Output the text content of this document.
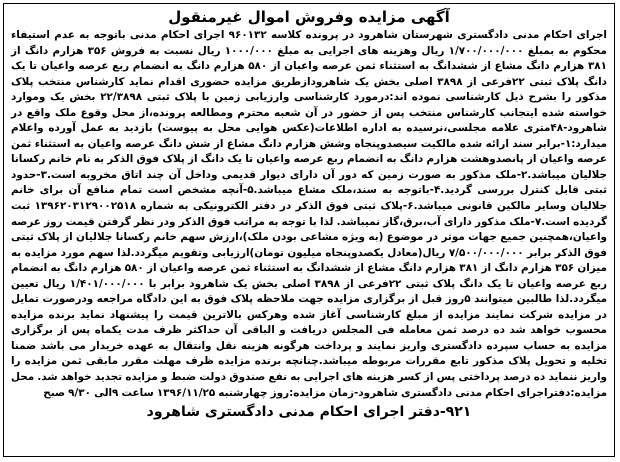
آگهی مزایده وفروش اموال غیرمنقول

اجرای احکام مدنی دادگستری شهرستان شاهرود در پرونده کلاسه ۹۶۰۱۳۲ اجرای احکام مدنی باتوجه به عدم استیفاء محکوم به بمبلغ ۱/۷۰۰/۰۰۰/۰۰۰ ریال وهزینه های اجرایی به مبلغ ۱۰۰۰/۰۰۰ ریال نسبت به فروش ۳۵۶ هزارم دانگ از ۳۸۱ هزارم دانگ مشاع از ششدانگ به استثناء ثمن عرصه واعیان از ۵۸۰ هزارم دانگ به انضمام ربع عرصه واعیان تا یک دانگ پلاک ثبتی ۲۲فرعی از ۳۸۹۸ اصلی بخش یک شاهرودازطریق مزایده حضوری اقدام نماید کارشناس منتخب پلاک مذکور را بشرح ذیل کارشناسی نموده اند:درمورد کارشناسی وارزیابی زمین با پلاک ثبتی ۲۲/۳۸۹۸ بخش یک وموارد خواسته شده اینجانب کارشناس منتخب پس از حضور در آن شعبه محترم ومطالعه پرونده،از محل وقوع ملک واقع در شاهرود-۴۸متری علامه مجلسی،نرسیده به اداره اطلاعات(عکس هوایی محل به پیوست) بازدید به عمل آورده واعلام میدارد:۱-برابر سند ارائه شده مالکیت سیصدوپنجاه وشش هزارم دانگ مشاع از شش دانگ عرصه واعیان به استثناء ثمن عرصه واعیان از پانصدوهشت هزارم دانگ به انضمام ربع عرصه واعیان تا یک دانگ از پلاک فوق الذکر به نام خانم رکسانا جلالیان میباشد.۲-ملک مذکور به صورت زمین که دور آن دارای دیوار قدیمی وداخل آن چند اتاق مخروبه است.۳-حدود ثبتی قابل کنترل بررسی گردید.۴-باتوجه به سند،ملک مشاع میباشد.۵-آنچه مشخص است تمام منافع آن برای خانم جلالیان وسایر مالکین قانونی میباشد.۶-پلاک ثبتی فوق الذکر در دفتر الکترونیکی به شماره ۱۳۹۶۲۰۳۱۲۹۰۰۲۵۱۸ ثبت گردیده است.۷-ملک مذکور دارای آب،برق،گاز نمیباشد. لذا با توجه به مراتب فوق الذکر ودر نظر گرفتن قیمت روز عرصه واعیان،همچنین جمیع جهات موثر در موضوع (به ویژه مشاعی بودن ملک)،ارزش سهم خانم رکسانا جلالیان از پلاک ثبتی فوق الذکر برابر ۷/۵۰۰/۰۰۰/۰۰۰ ریال(معادل یکصدوپنجاه میلیون تومان)ارزیابی وتقویم میگردد.لذا سهم مورد مزایده به میزان ۳۵۶ هزارم دانگ از ۳۸۱ هزارم دانگ مشاع از ششدانگ به استثناء ثمن عرصه واعیان از ۵۸۰ هزارم دانگ به انضمام ربع عرصه واعیان تا یک دانگ پلاک ثبتی ۲۲فرعی از ۳۸۹۸ اصلی بخش یک شاهرود برابر با ۱/۴۰۱/۰۰۰/۰۰۰ ریال تعیین میگردد.لذا طالبین میتوانند ۵روز قبل از برگزاری مزایده جهت ملاحظه پلاک فوق به این دادگاه مراجعه ودرصورت تمایل در مزایده شرکت نمایند مزایده از مبلغ کارشناسی آغاز شده وهرکس بالاترین قیمت را پیشنهاد نماید برنده مزایده محسوب خواهد شد ده درصد ثمن معامله فی المجلس دریافت و الباقی آن حداکثر ظرف مدت یکماه پس از برگزاری مزایده به حساب سپرده دادگستری واریز نمایند و پرداخت هرگونه هزینه نقل وانتقال به عهده خریدار می باشد ضمنا تخلیه و تحویل پلاک مذکور تابع مقررات مربوطه میباشد.چنانچه برنده مزایده ظرف مهلت مقرر مابقی ثمن مزایده را واریز ننماید ده درصد پرداختی پس از کسر هزینه های اجرایی به نفع صندوق دولت ضبط و مزایده تجدید خواهد شد. محل مزایده:دفتراجرای احکام مدنی دادگستری شاهرود-زمان مزایده:روز چهارشنبه ۱۳۹۶/۱۱/۲۵ ساعت ۹الی ۹/۳۰ صبح

۹۲۱-دفتر اجرای احکام مدنی دادگستری شاهرود
